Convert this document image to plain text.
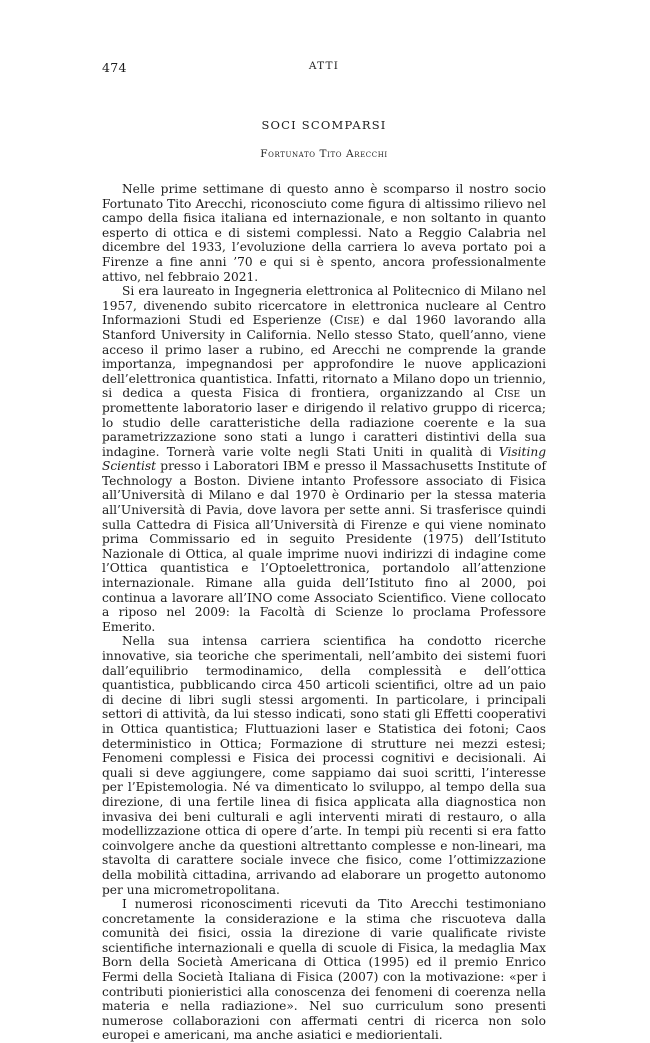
474	ATTI
SOCI SCOMPARSI
Fortunato Tito Arecchi

Nelle prime settimane di questo anno è scomparso il nostro socio Fortunato Tito Arecchi, riconosciuto come figura di altissimo rilievo nel campo della fisica italiana ed internazionale, e non soltanto in quanto esperto di ottica e di sistemi complessi. Nato a Reggio Calabria nel dicembre del 1933, l’evoluzione della carriera lo aveva portato poi a Firenze a fine anni ’70 e qui si è spento, ancora professionalmente attivo, nel febbraio 2021.

Si era laureato in Ingegneria elettronica al Politecnico di Milano nel 1957, divenendo subito ricercatore in elettronica nucleare al Centro Informazioni Studi ed Esperienze (Cise) e dal 1960 lavorando alla Stanford University in California. Nello stesso Stato, quell’anno, viene acceso il primo laser a rubino, ed Arecchi ne comprende la grande importanza, impegnandosi per approfondire le nuove applicazioni dell’elettronica quantistica. Infatti, ritornato a Milano dopo un triennio, si dedica a questa Fisica di frontiera, organizzando al Cise un promettente laboratorio laser e dirigendo il relativo gruppo di ricerca; lo studio delle caratteristiche della radiazione coerente e la sua parametrizzazione sono stati a lungo i caratteri distintivi della sua indagine. Tornerà varie volte negli Stati Uniti in qualità di Visiting Scientist presso i Laboratori IBM e presso il Massachusetts Institute of Technology a Boston. Diviene intanto Professore associato di Fisica all’Università di Milano e dal 1970 è Ordinario per la stessa materia all’Università di Pavia, dove lavora per sette anni. Si trasferisce quindi sulla Cattedra di Fisica all’Università di Firenze e qui viene nominato prima Commissario ed in seguito Presidente (1975) dell’Istituto Nazionale di Ottica, al quale imprime nuovi indirizzi di indagine come l’Ottica quantistica e l’Optoelettronica, portandolo all’attenzione internazionale. Rimane alla guida dell’Istituto fino al 2000, poi continua a lavorare all’INO come Associato Scientifico. Viene collocato a riposo nel 2009: la Facoltà di Scienze lo proclama Professore Emerito.

Nella sua intensa carriera scientifica ha condotto ricerche innovative, sia teoriche che sperimentali, nell’ambito dei sistemi fuori dall’equilibrio termodinamico, della complessità e dell’ottica quantistica, pubblicando circa 450 articoli scientifici, oltre ad un paio di decine di libri sugli stessi argomenti. In particolare, i principali settori di attività, da lui stesso indicati, sono stati gli Effetti cooperativi in Ottica quantistica; Fluttuazioni laser e Statistica dei fotoni; Caos deterministico in Ottica; Formazione di strutture nei mezzi estesi; Fenomeni complessi e Fisica dei processi cognitivi e decisionali. Ai quali si deve aggiungere, come sappiamo dai suoi scritti, l’interesse per l’Epistemologia. Né va dimenticato lo sviluppo, al tempo della sua direzione, di una fertile linea di fisica applicata alla diagnostica non invasiva dei beni culturali e agli interventi mirati di restauro, o alla modellizzazione ottica di opere d’arte. In tempi più recenti si era fatto coinvolgere anche da questioni altrettanto complesse e non-lineari, ma stavolta di carattere sociale invece che fisico, come l’ottimizzazione della mobilità cittadina, arrivando ad elaborare un progetto autonomo per una micrometropolitana.

I numerosi riconoscimenti ricevuti da Tito Arecchi testimoniano concretamente la considerazione e la stima che riscuoteva dalla comunità dei fisici, ossia la direzione di varie qualificate riviste scientifiche internazionali e quella di scuole di Fisica, la medaglia Max Born della Società Americana di Ottica (1995) ed il premio Enrico Fermi della Società Italiana di Fisica (2007) con la motivazione: «per i contributi pionieristici alla conoscenza dei fenomeni di coerenza nella materia e nella radiazione». Nel suo curriculum sono presenti numerose collaborazioni con affermati centri di ricerca non solo europei e americani, ma anche asiatici e mediorientali.
